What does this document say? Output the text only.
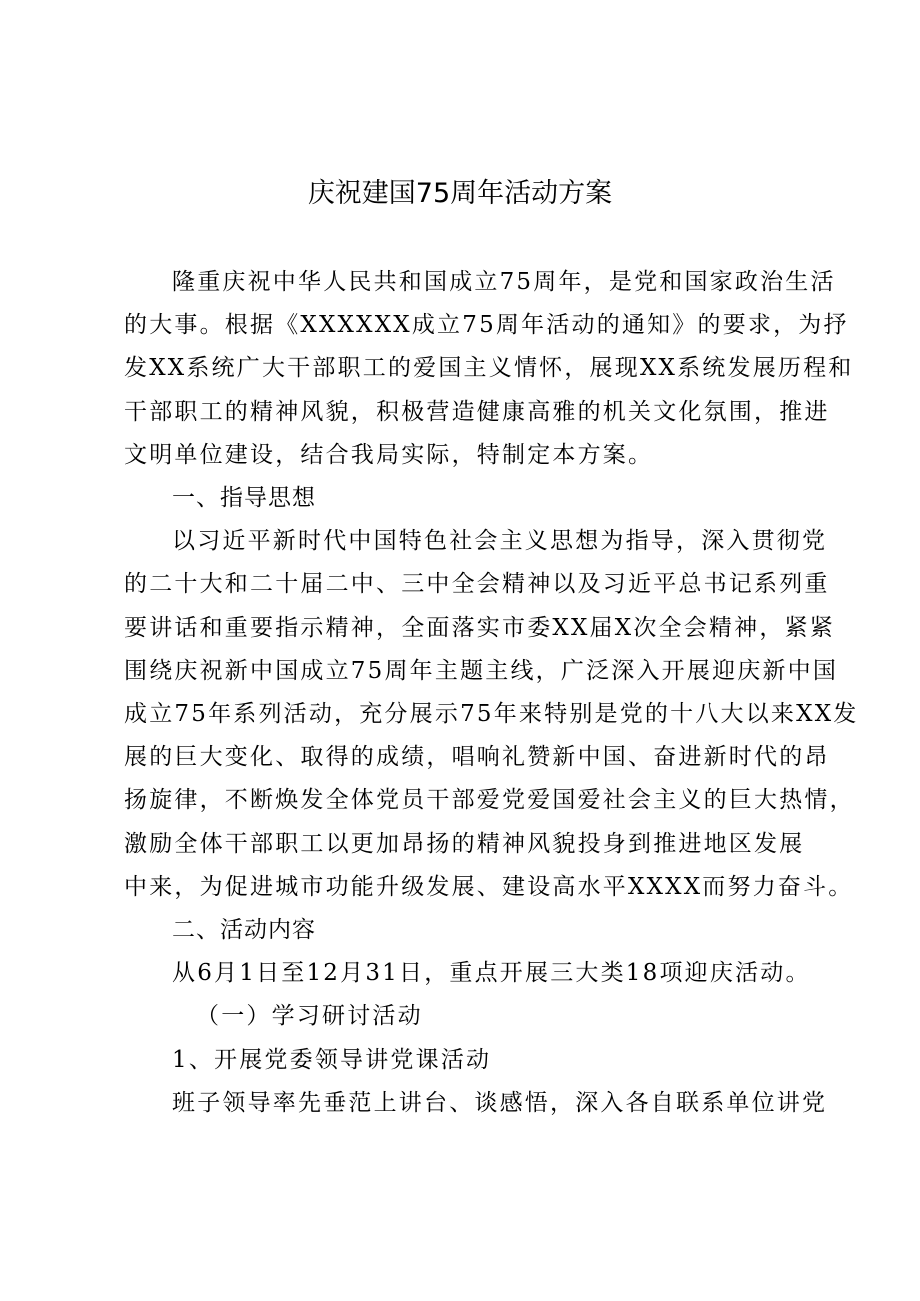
庆祝建国75周年活动方案
隆重庆祝中华人民共和国成立75周年，是党和国家政治生活
的大事。根据《XXXXXX成立75周年活动的通知》的要求，为抒
发XX系统广大干部职工的爱国主义情怀，展现XX系统发展历程和
干部职工的精神风貌，积极营造健康高雅的机关文化氛围，推进
文明单位建设，结合我局实际，特制定本方案。
一、指导思想
以习近平新时代中国特色社会主义思想为指导，深入贯彻党
的二十大和二十届二中、三中全会精神以及习近平总书记系列重
要讲话和重要指示精神，全面落实市委XX届X次全会精神，紧紧
围绕庆祝新中国成立75周年主题主线，广泛深入开展迎庆新中国
成立75年系列活动，充分展示75年来特别是党的十八大以来XX发
展的巨大变化、取得的成绩，唱响礼赞新中国、奋进新时代的昂
扬旋律，不断焕发全体党员干部爱党爱国爱社会主义的巨大热情，
激励全体干部职工以更加昂扬的精神风貌投身到推进地区发展
中来，为促进城市功能升级发展、建设高水平XXXX而努力奋斗。
二、活动内容
从6月1日至12月31日，重点开展三大类18项迎庆活动。
（一）学习研讨活动
1、开展党委领导讲党课活动
班子领导率先垂范上讲台、谈感悟，深入各自联系单位讲党
